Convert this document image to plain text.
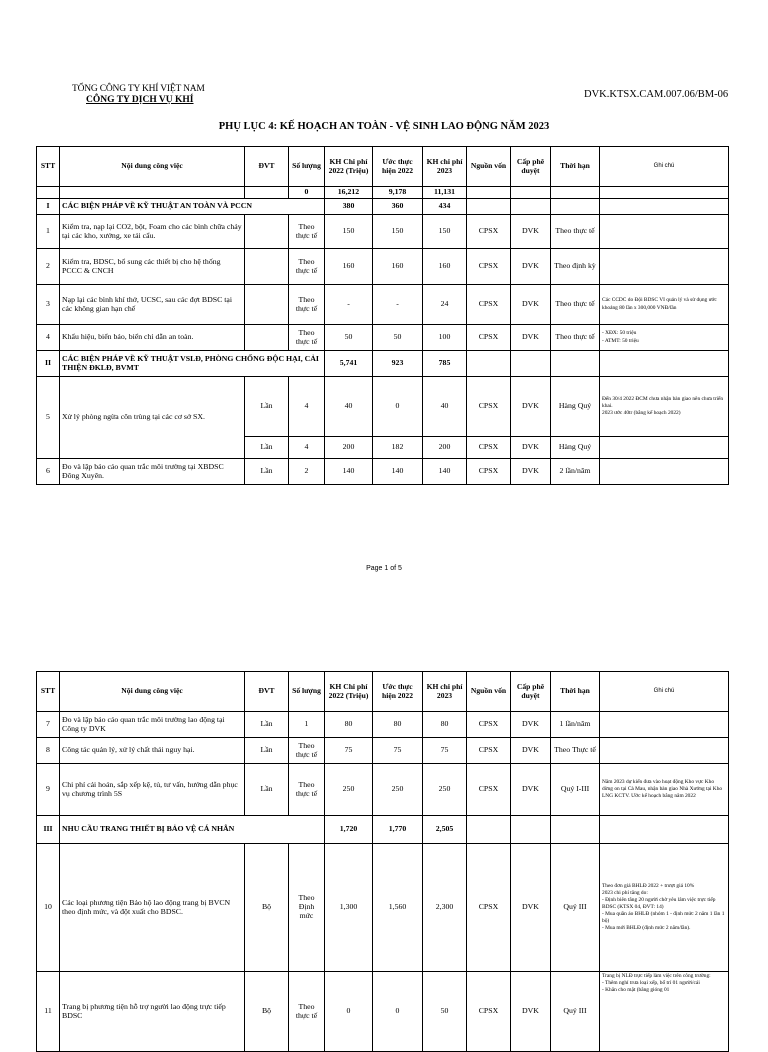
TỔNG CÔNG TY KHÍ VIỆT NAM
CÔNG TY DỊCH VỤ KHÍ	DVK.KTSX.CAM.007.06/BM-06
PHỤ LỤC 4: KẾ HOẠCH AN TOÀN - VỆ SINH LAO ĐỘNG NĂM 2023
STT	Nội dung công việc	ĐVT	Số lượng	KH Chi phí 2022 (Triệu)	Ước thực hiện 2022	KH chi phí 2023	Nguồn vốn	Cấp phê duyệt	Thời hạn	Ghi chú
			0	16,212	9,178	11,131				
I	CÁC BIỆN PHÁP VỀ KỸ THUẬT AN TOÀN VÀ PCCN			380	360	434				
1	Kiểm tra, nạp lại CO2, bột, Foam cho các bình chữa cháy tại các kho, xưởng, xe tải cẩu.		Theo thực tế	150	150	150	CPSX	DVK	Theo thực tế	
2	Kiểm tra, BDSC, bổ sung các thiết bị cho hệ thống PCCC & CNCH		Theo thực tế	160	160	160	CPSX	DVK	Theo định kỳ	
3	Nạp lại các bình khí thở, UCSC, sau các đợt BDSC tại các không gian hạn chế		Theo thực tế	-	-	24	CPSX	DVK	Theo thực tế	Các CCDC do Đội BDSC VI quản lý và sử dụng ước khoảng 80 lần x 300,000 VNĐ/lần
4	Khẩu hiệu, biển báo, biển chỉ dẫn an toàn.		Theo thực tế	50	50	100	CPSX	DVK	Theo thực tế	- XĐX: 50 triệu
- ATMT: 50 triệu
II	CÁC BIỆN PHÁP VỀ KỸ THUẬT VSLĐ, PHÒNG CHỐNG ĐỘC HẠI, CẢI THIỆN ĐKLĐ, BVMT			5,741	923	785				
5	Xử lý phòng ngừa côn trùng tại các cơ sở SX.	Lần	4	40	0	40	CPSX	DVK	Hàng Quý	Đến 30/4 2022 ĐCM chưa nhận bàn giao nên chưa triển khai.
2023 ước 40tr (bằng kế hoạch 2022)
		Lần	4	200	182	200	CPSX	DVK	Hàng Quý	
6	Đo và lập báo cáo quan trắc môi trường tại XBDSC Đông Xuyên.	Lần	2	140	140	140	CPSX	DVK	2 lần/năm	
Page 1 of 5
STT	Nội dung công việc	ĐVT	Số lượng	KH Chi phí 2022 (Triệu)	Ước thực hiện 2022	KH chi phí 2023	Nguồn vốn	Cấp phê duyệt	Thời hạn	Ghi chú
7	Đo và lập báo cáo quan trắc môi trường lao động tại Công ty DVK	Lần	1	80	80	80	CPSX	DVK	1 lần/năm	
8	Công tác quản lý, xử lý chất thải nguy hại.	Lần	Theo thực tế	75	75	75	CPSX	DVK	Theo Thực tế	
9	Chi phí cải hoán, sắp xếp kệ, tủ, tư vấn, hướng dẫn phục vụ chương trình 5S	Lần	Theo thực tế	250	250	250	CPSX	DVK	Quý I-III	Năm 2023 dự kiến đưa vào hoạt động Kho vực Kho dừng on tại Cà Mau, nhận bàn giao Nhà Xưởng tại Kho LNG KCTV. Ước kế hoạch bằng năm 2022
III	NHU CẦU TRANG THIẾT BỊ BẢO VỆ CÁ NHÂN			1,720	1,770	2,505				
10	Các loại phương tiện Bảo hộ lao động trang bị BVCN theo định mức, và đột xuất cho BDSC.	Bộ	Theo Định mức	1,300	1,560	2,300	CPSX	DVK	Quý III	Theo đơn giá BHLĐ 2022 + trượt giá 10%
2023 chi phí tăng do:
- Định biên tăng 20 người chờ yêu lâm việc trực tiếp BDSC (KTSX 04, ĐVT: 14)
- Mua quần áo BHLĐ (nhóm 1 - định mức 2 năm 1 lần 1 bộ)
- Mua mới BHLĐ (định mức 2 năm/lần).
11	Trang bị phương tiện hỗ trợ người lao động trực tiếp BDSC	Bộ	Theo thực tế	0	0	50	CPSX	DVK	Quý III	Trang bị NLĐ trực tiếp làm việc trên công trường:
- Thêm nghỉ trưa loại xếp, bố trí 01 người/cái
- Khăn cho mặt (băng gióng 01
